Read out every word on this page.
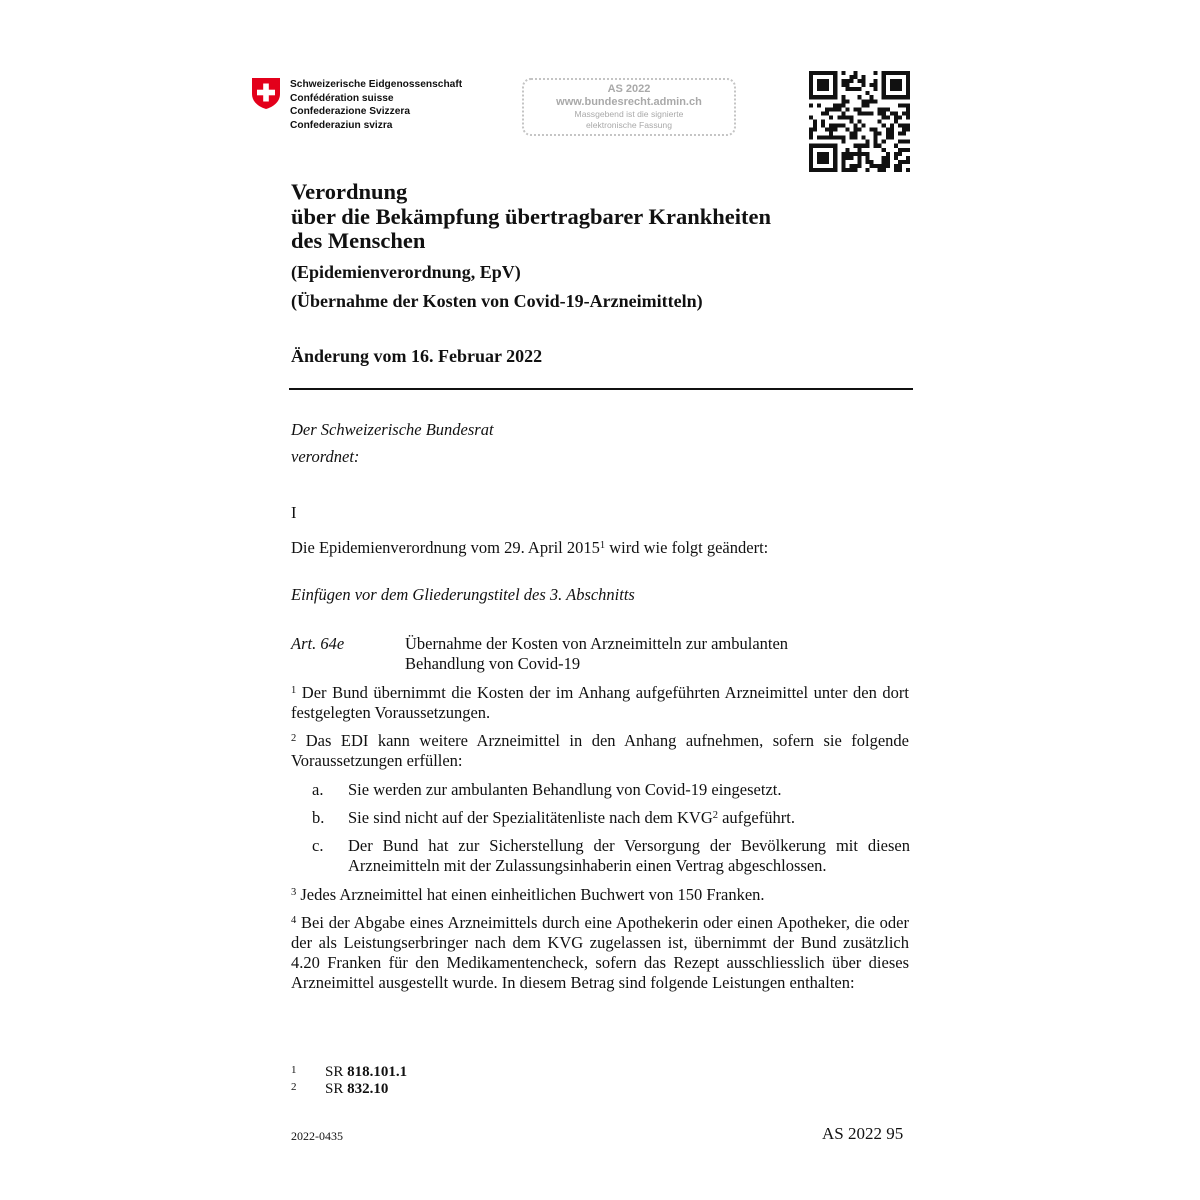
Schweizerische Eidgenossenschaft
Confédération suisse
Confederazione Svizzera
Confederaziun svizra
AS 2022
www.bundesrecht.admin.ch
Massgebend ist die signierte
elektronische Fassung
Verordnung
über die Bekämpfung übertragbarer Krankheiten
des Menschen
(Epidemienverordnung, EpV)
(Übernahme der Kosten von Covid-19-Arzneimitteln)
Änderung vom 16. Februar 2022
Der Schweizerische Bundesrat
verordnet:
I
Die Epidemienverordnung vom 29. April 2015$^1$ wird wie folgt geändert:
Einfügen vor dem Gliederungstitel des 3. Abschnitts
Art. 64e	Übernahme der Kosten von Arzneimitteln zur ambulanten
Behandlung von Covid-19
$^1$ Der Bund übernimmt die Kosten der im Anhang aufgeführten Arzneimittel unter den dort festgelegten Voraussetzungen.
$^2$ Das EDI kann weitere Arzneimittel in den Anhang aufnehmen, sofern sie folgende Voraussetzungen erfüllen:
a.	Sie werden zur ambulanten Behandlung von Covid-19 eingesetzt.
b.	Sie sind nicht auf der Spezialitätenliste nach dem KVG$^2$ aufgeführt.
c.	Der Bund hat zur Sicherstellung der Versorgung der Bevölkerung mit diesen Arzneimitteln mit der Zulassungsinhaberin einen Vertrag abgeschlossen.
$^3$ Jedes Arzneimittel hat einen einheitlichen Buchwert von 150 Franken.
$^4$ Bei der Abgabe eines Arzneimittels durch eine Apothekerin oder einen Apotheker, die oder der als Leistungserbringer nach dem KVG zugelassen ist, übernimmt der Bund zusätzlich 4.20 Franken für den Medikamentencheck, sofern das Rezept ausschliesslich über dieses Arzneimittel ausgestellt wurde. In diesem Betrag sind folgende Leistungen enthalten:
1 SR 818.101.1
2 SR 832.10
2022-0435	AS 2022 95
